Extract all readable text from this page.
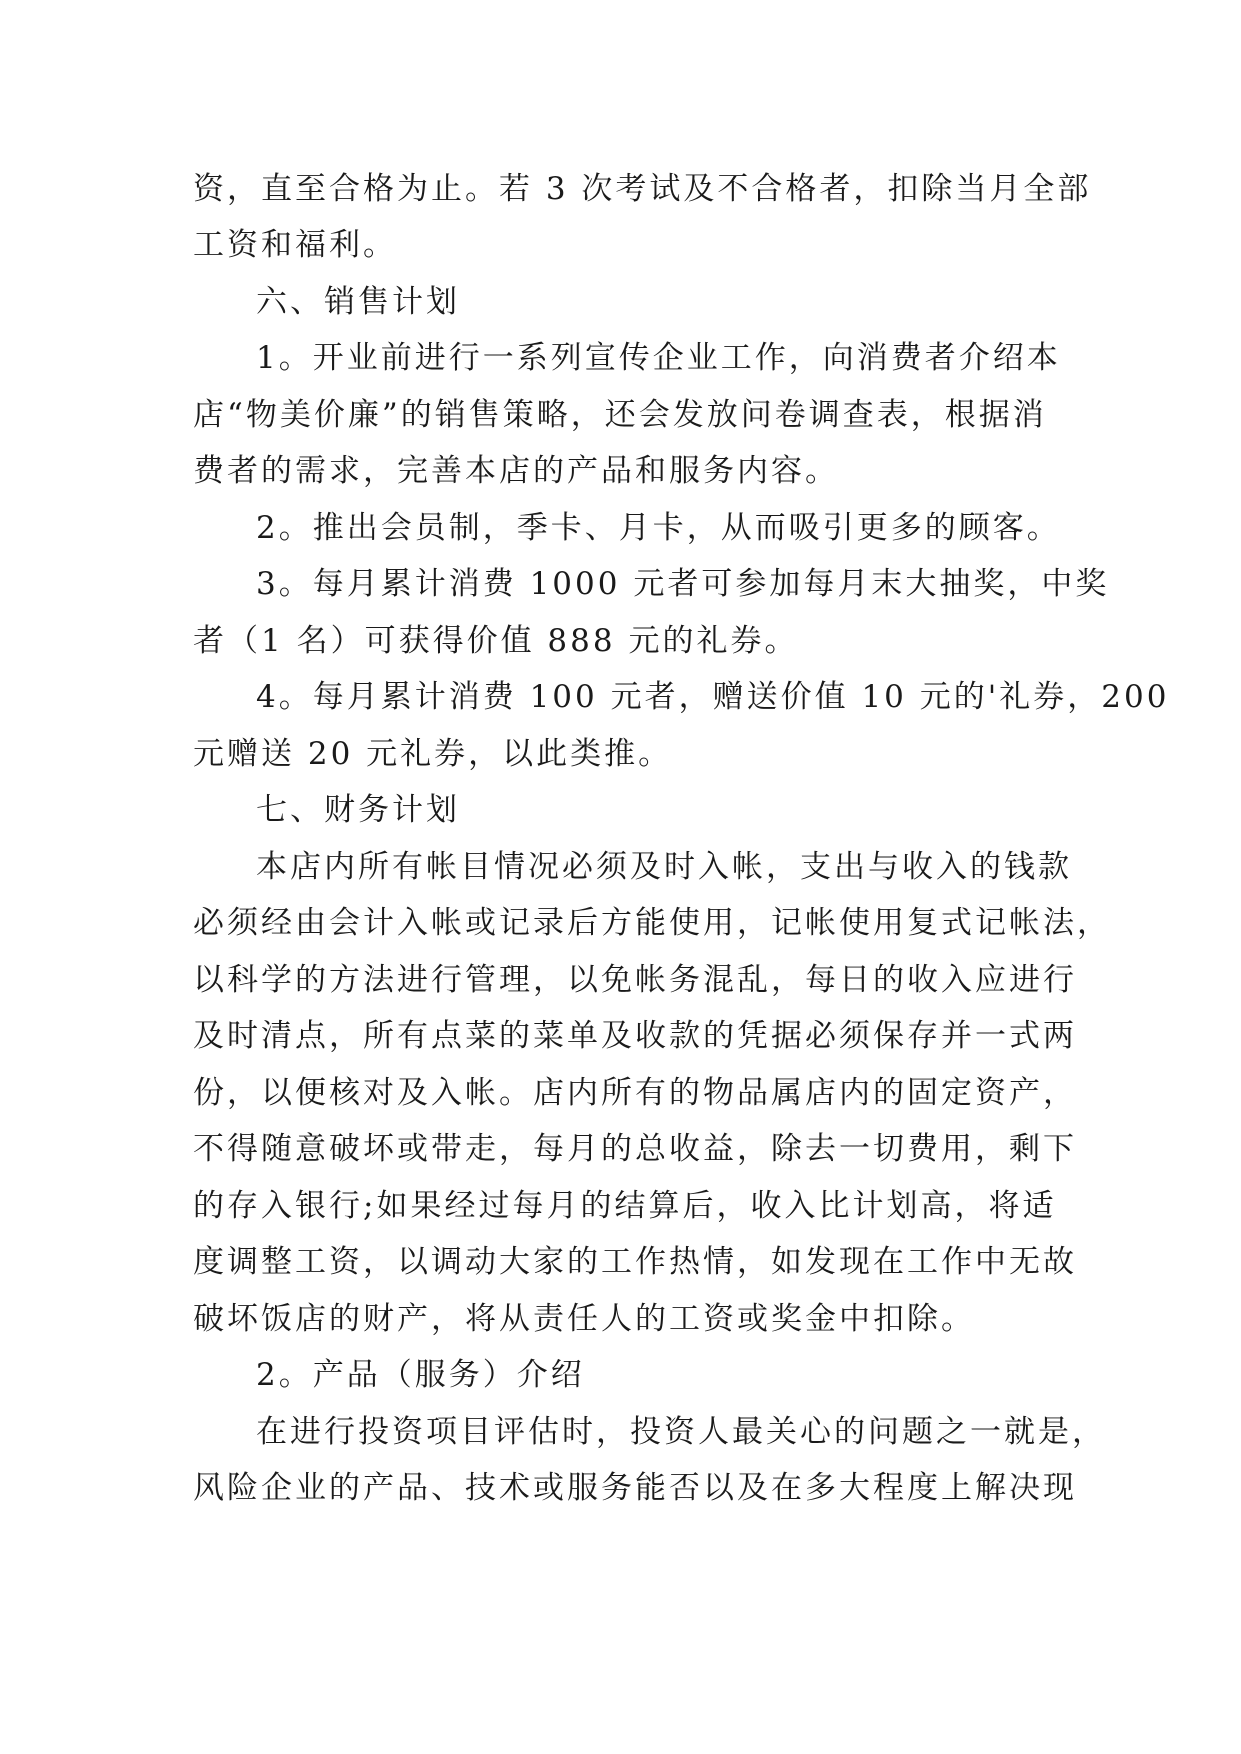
资，直至合格为止。若 3 次考试及不合格者，扣除当月全部
工资和福利。
六、销售计划
1。开业前进行一系列宣传企业工作，向消费者介绍本
店“物美价廉”的销售策略，还会发放问卷调查表，根据消
费者的需求，完善本店的产品和服务内容。
2。推出会员制，季卡、月卡，从而吸引更多的顾客。
3。每月累计消费 1000 元者可参加每月末大抽奖，中奖
者（1 名）可获得价值 888 元的礼券。
4。每月累计消费 100 元者，赠送价值 10 元的'礼券，200
元赠送 20 元礼券，以此类推。
七、财务计划
本店内所有帐目情况必须及时入帐，支出与收入的钱款
必须经由会计入帐或记录后方能使用，记帐使用复式记帐法，
以科学的方法进行管理，以免帐务混乱，每日的收入应进行
及时清点，所有点菜的菜单及收款的凭据必须保存并一式两
份，以便核对及入帐。店内所有的物品属店内的固定资产，
不得随意破坏或带走，每月的总收益，除去一切费用，剩下
的存入银行;如果经过每月的结算后，收入比计划高，将适
度调整工资，以调动大家的工作热情，如发现在工作中无故
破坏饭店的财产，将从责任人的工资或奖金中扣除。
2。产品（服务）介绍
在进行投资项目评估时，投资人最关心的问题之一就是，
风险企业的产品、技术或服务能否以及在多大程度上解决现
